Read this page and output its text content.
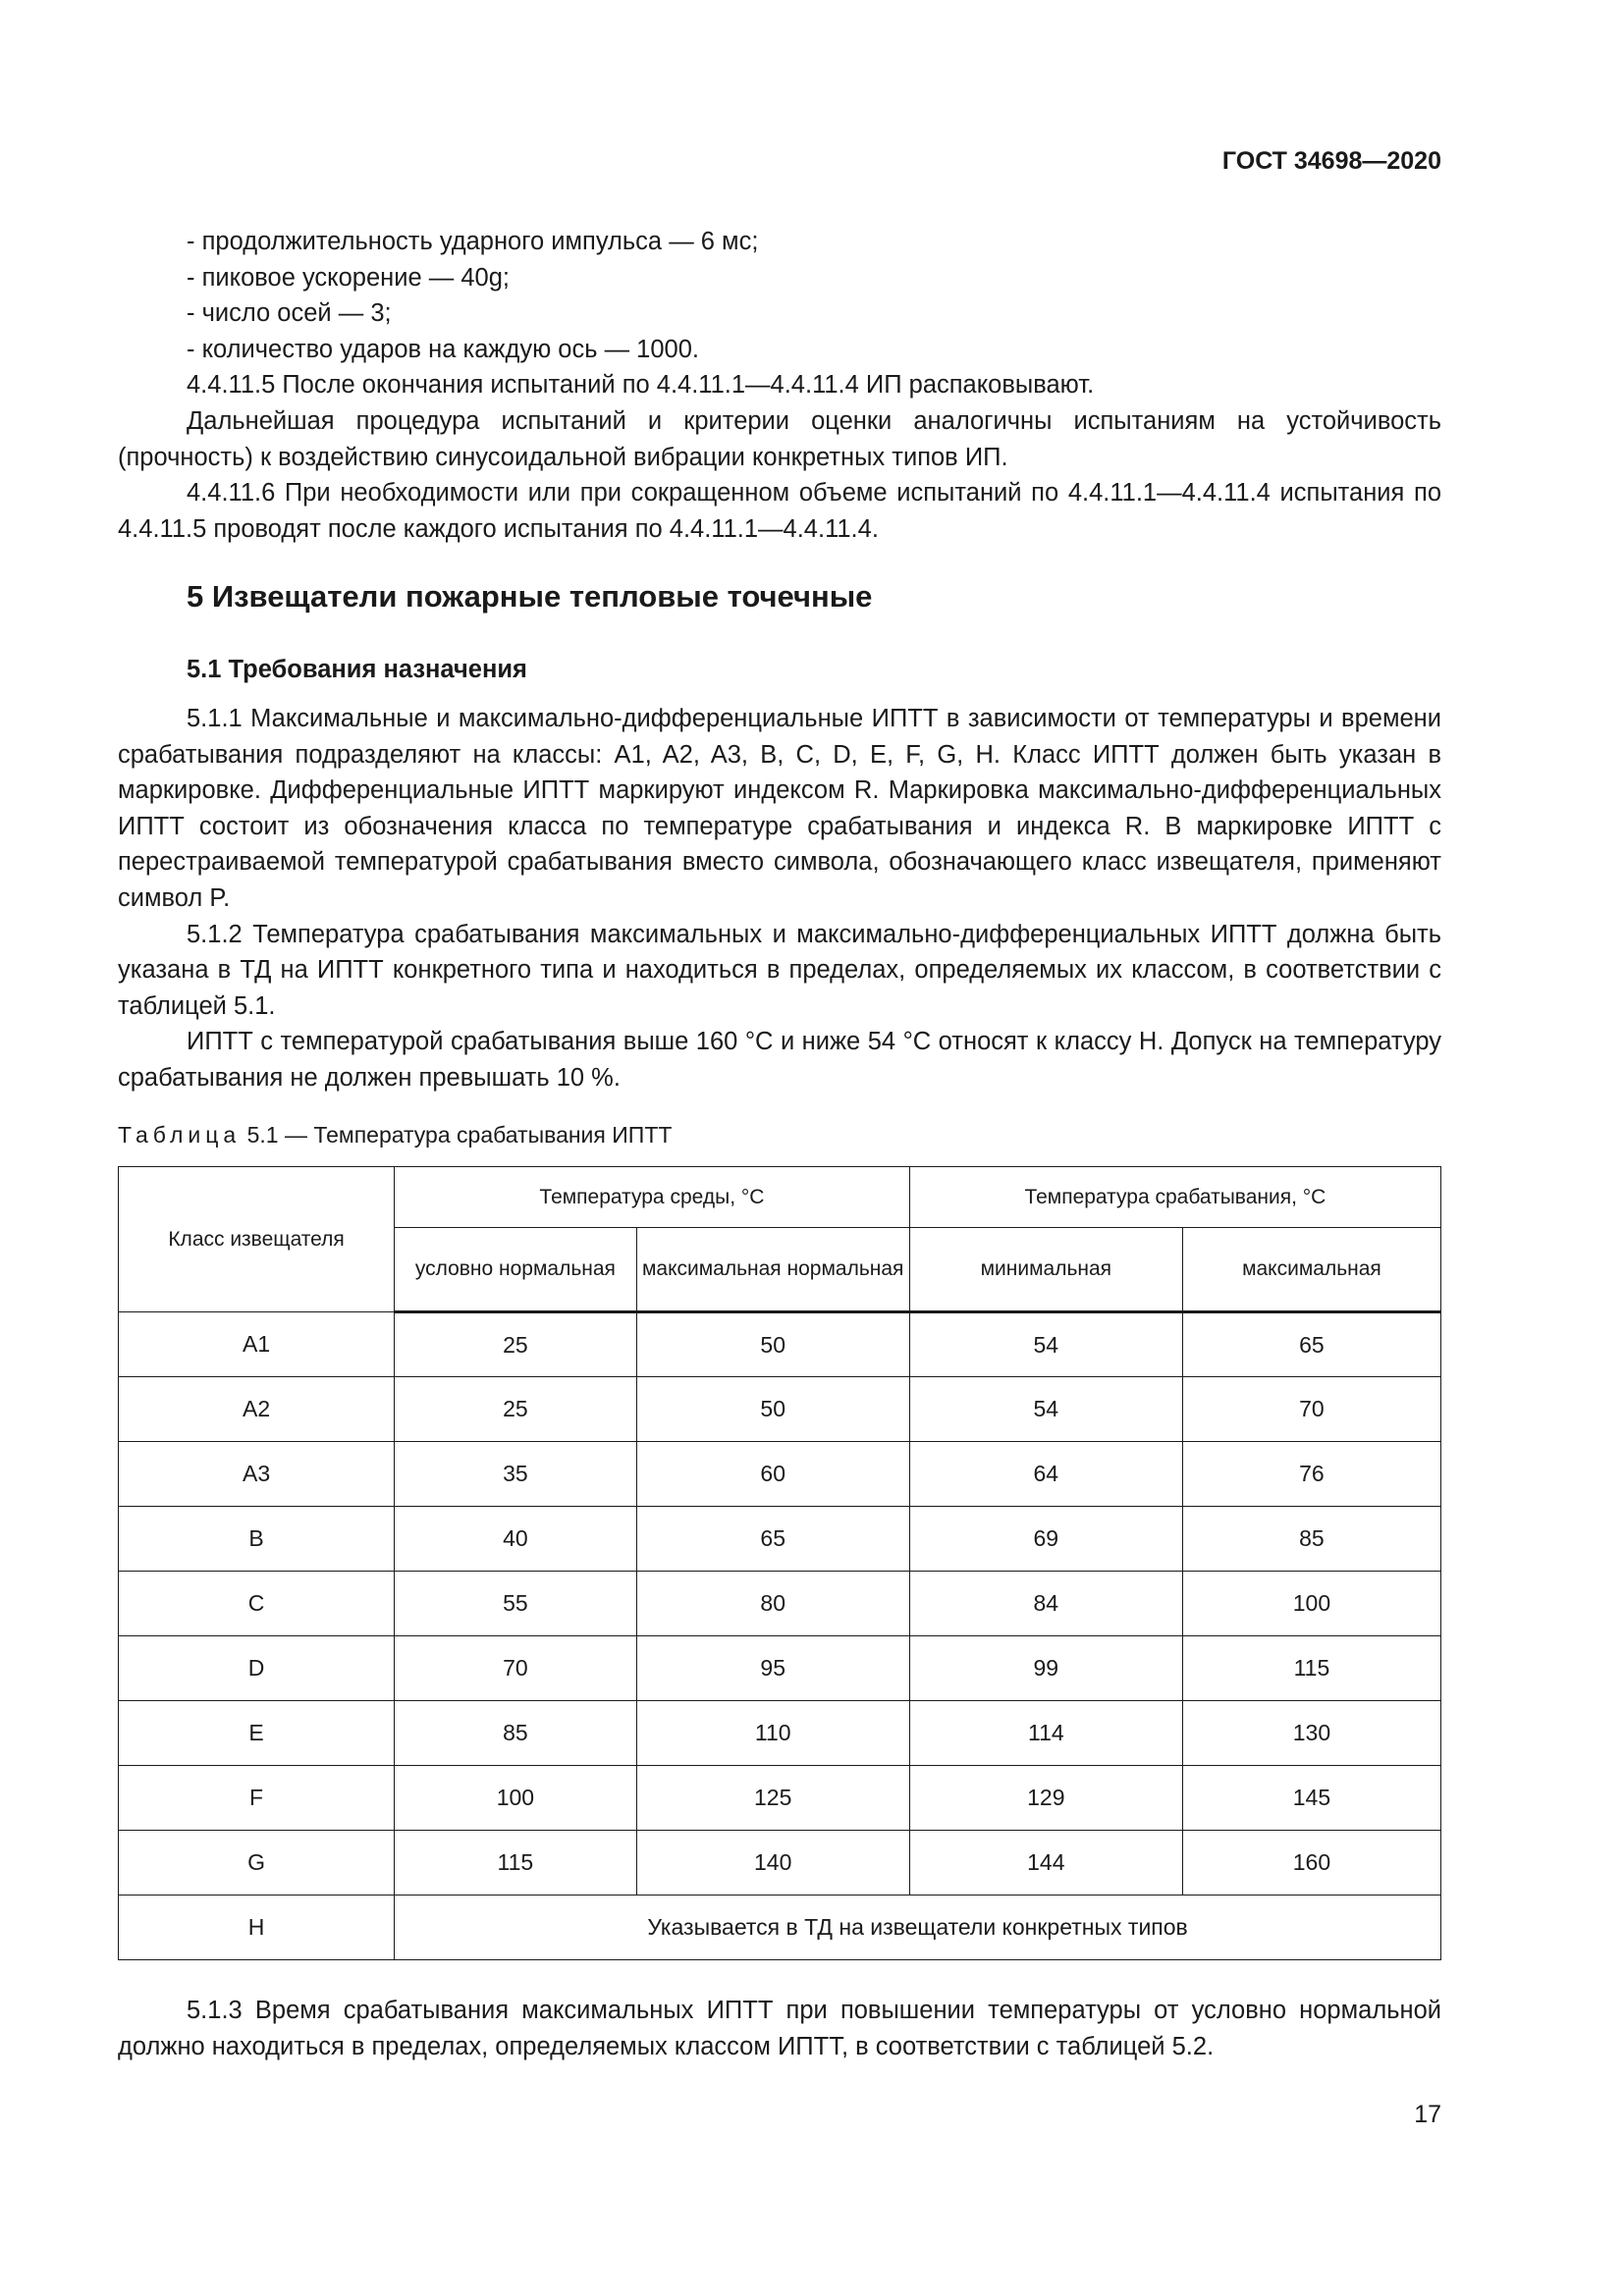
ГОСТ 34698—2020

- продолжительность ударного импульса — 6 мс;

- пиковое ускорение — 40g;

- число осей — 3;

- количество ударов на каждую ось — 1000.

4.4.11.5 После окончания испытаний по 4.4.11.1—4.4.11.4 ИП распаковывают.

Дальнейшая процедура испытаний и критерии оценки аналогичны испытаниям на устойчивость (прочность) к воздействию синусоидальной вибрации конкретных типов ИП.

4.4.11.6 При необходимости или при сокращенном объеме испытаний по 4.4.11.1—4.4.11.4 испытания по 4.4.11.5 проводят после каждого испытания по 4.4.11.1—4.4.11.4.

5 Извещатели пожарные тепловые точечные
5.1 Требования назначения

5.1.1 Максимальные и максимально-дифференциальные ИПТТ в зависимости от температуры и времени срабатывания подразделяют на классы: A1, A2, A3, B, C, D, E, F, G, H. Класс ИПТТ должен быть указан в маркировке. Дифференциальные ИПТТ маркируют индексом R. Маркировка максимально-дифференциальных ИПТТ состоит из обозначения класса по температуре срабатывания и индекса R. В маркировке ИПТТ с перестраиваемой температурой срабатывания вместо символа, обозначающего класс извещателя, применяют символ P.

5.1.2 Температура срабатывания максимальных и максимально-дифференциальных ИПТТ должна быть указана в ТД на ИПТТ конкретного типа и находиться в пределах, определяемых их классом, в соответствии с таблицей 5.1.

ИПТТ с температурой срабатывания выше 160 °С и ниже 54 °С относят к классу H. Допуск на температуру срабатывания не должен превышать 10 %.

Таблица 5.1 — Температура срабатывания ИПТТ
Класс извещателя	Температура среды, °С		Температура срабатывания, °С	
	условно нормальная	максимальная нормальная	минимальная	максимальная
A1	25	50	54	65
A2	25	50	54	70
A3	35	60	64	76
B	40	65	69	85
C	55	80	84	100
D	70	95	99	115
E	85	110	114	130
F	100	125	129	145
G	115	140	144	160
H	Указывается в ТД на извещатели конкретных типов			

5.1.3 Время срабатывания максимальных ИПТТ при повышении температуры от условно нормальной должно находиться в пределах, определяемых классом ИПТТ, в соответствии с таблицей 5.2.

17
